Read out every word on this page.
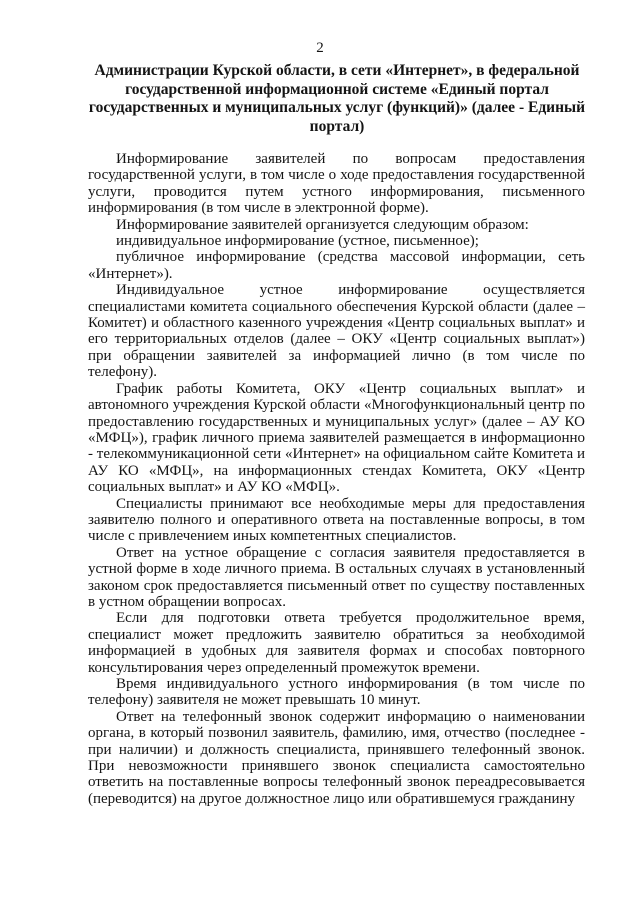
2
Администрации Курской области, в сети «Интернет», в федеральной государственной информационной системе «Единый портал государственных и муниципальных услуг (функций)» (далее - Единый портал)

Информирование заявителей по вопросам предоставления государственной услуги, в том числе о ходе предоставления государственной услуги, проводится путем устного информирования, письменного информирования (в том числе в электронной форме).

Информирование заявителей организуется следующим образом:

индивидуальное информирование (устное, письменное);

публичное информирование (средства массовой информации, сеть «Интернет»).

Индивидуальное устное информирование осуществляется специалистами комитета социального обеспечения Курской области (далее – Комитет) и областного казенного учреждения «Центр социальных выплат» и его территориальных отделов (далее – ОКУ «Центр социальных выплат») при обращении заявителей за информацией лично (в том числе по телефону).

График работы Комитета, ОКУ «Центр социальных выплат» и автономного учреждения Курской области «Многофункциональный центр по предоставлению государственных и муниципальных услуг» (далее – АУ КО «МФЦ»), график личного приема заявителей размещается в информационно - телекоммуникационной сети «Интернет» на официальном сайте Комитета и АУ КО «МФЦ», на информационных стендах Комитета, ОКУ «Центр социальных выплат» и АУ КО «МФЦ».

Специалисты принимают все необходимые меры для предоставления заявителю полного и оперативного ответа на поставленные вопросы, в том числе с привлечением иных компетентных специалистов.

Ответ на устное обращение с согласия заявителя предоставляется в устной форме в ходе личного приема. В остальных случаях в установленный законом срок предоставляется письменный ответ по существу поставленных в устном обращении вопросах.

Если для подготовки ответа требуется продолжительное время, специалист может предложить заявителю обратиться за необходимой информацией в удобных для заявителя формах и способах повторного консультирования через определенный промежуток времени.

Время индивидуального устного информирования (в том числе по телефону) заявителя не может превышать 10 минут.

Ответ на телефонный звонок содержит информацию о наименовании органа, в который позвонил заявитель, фамилию, имя, отчество (последнее - при наличии) и должность специалиста, принявшего телефонный звонок. При невозможности принявшего звонок специалиста самостоятельно ответить на поставленные вопросы телефонный звонок переадресовывается (переводится) на другое должностное лицо или обратившемуся гражданину
